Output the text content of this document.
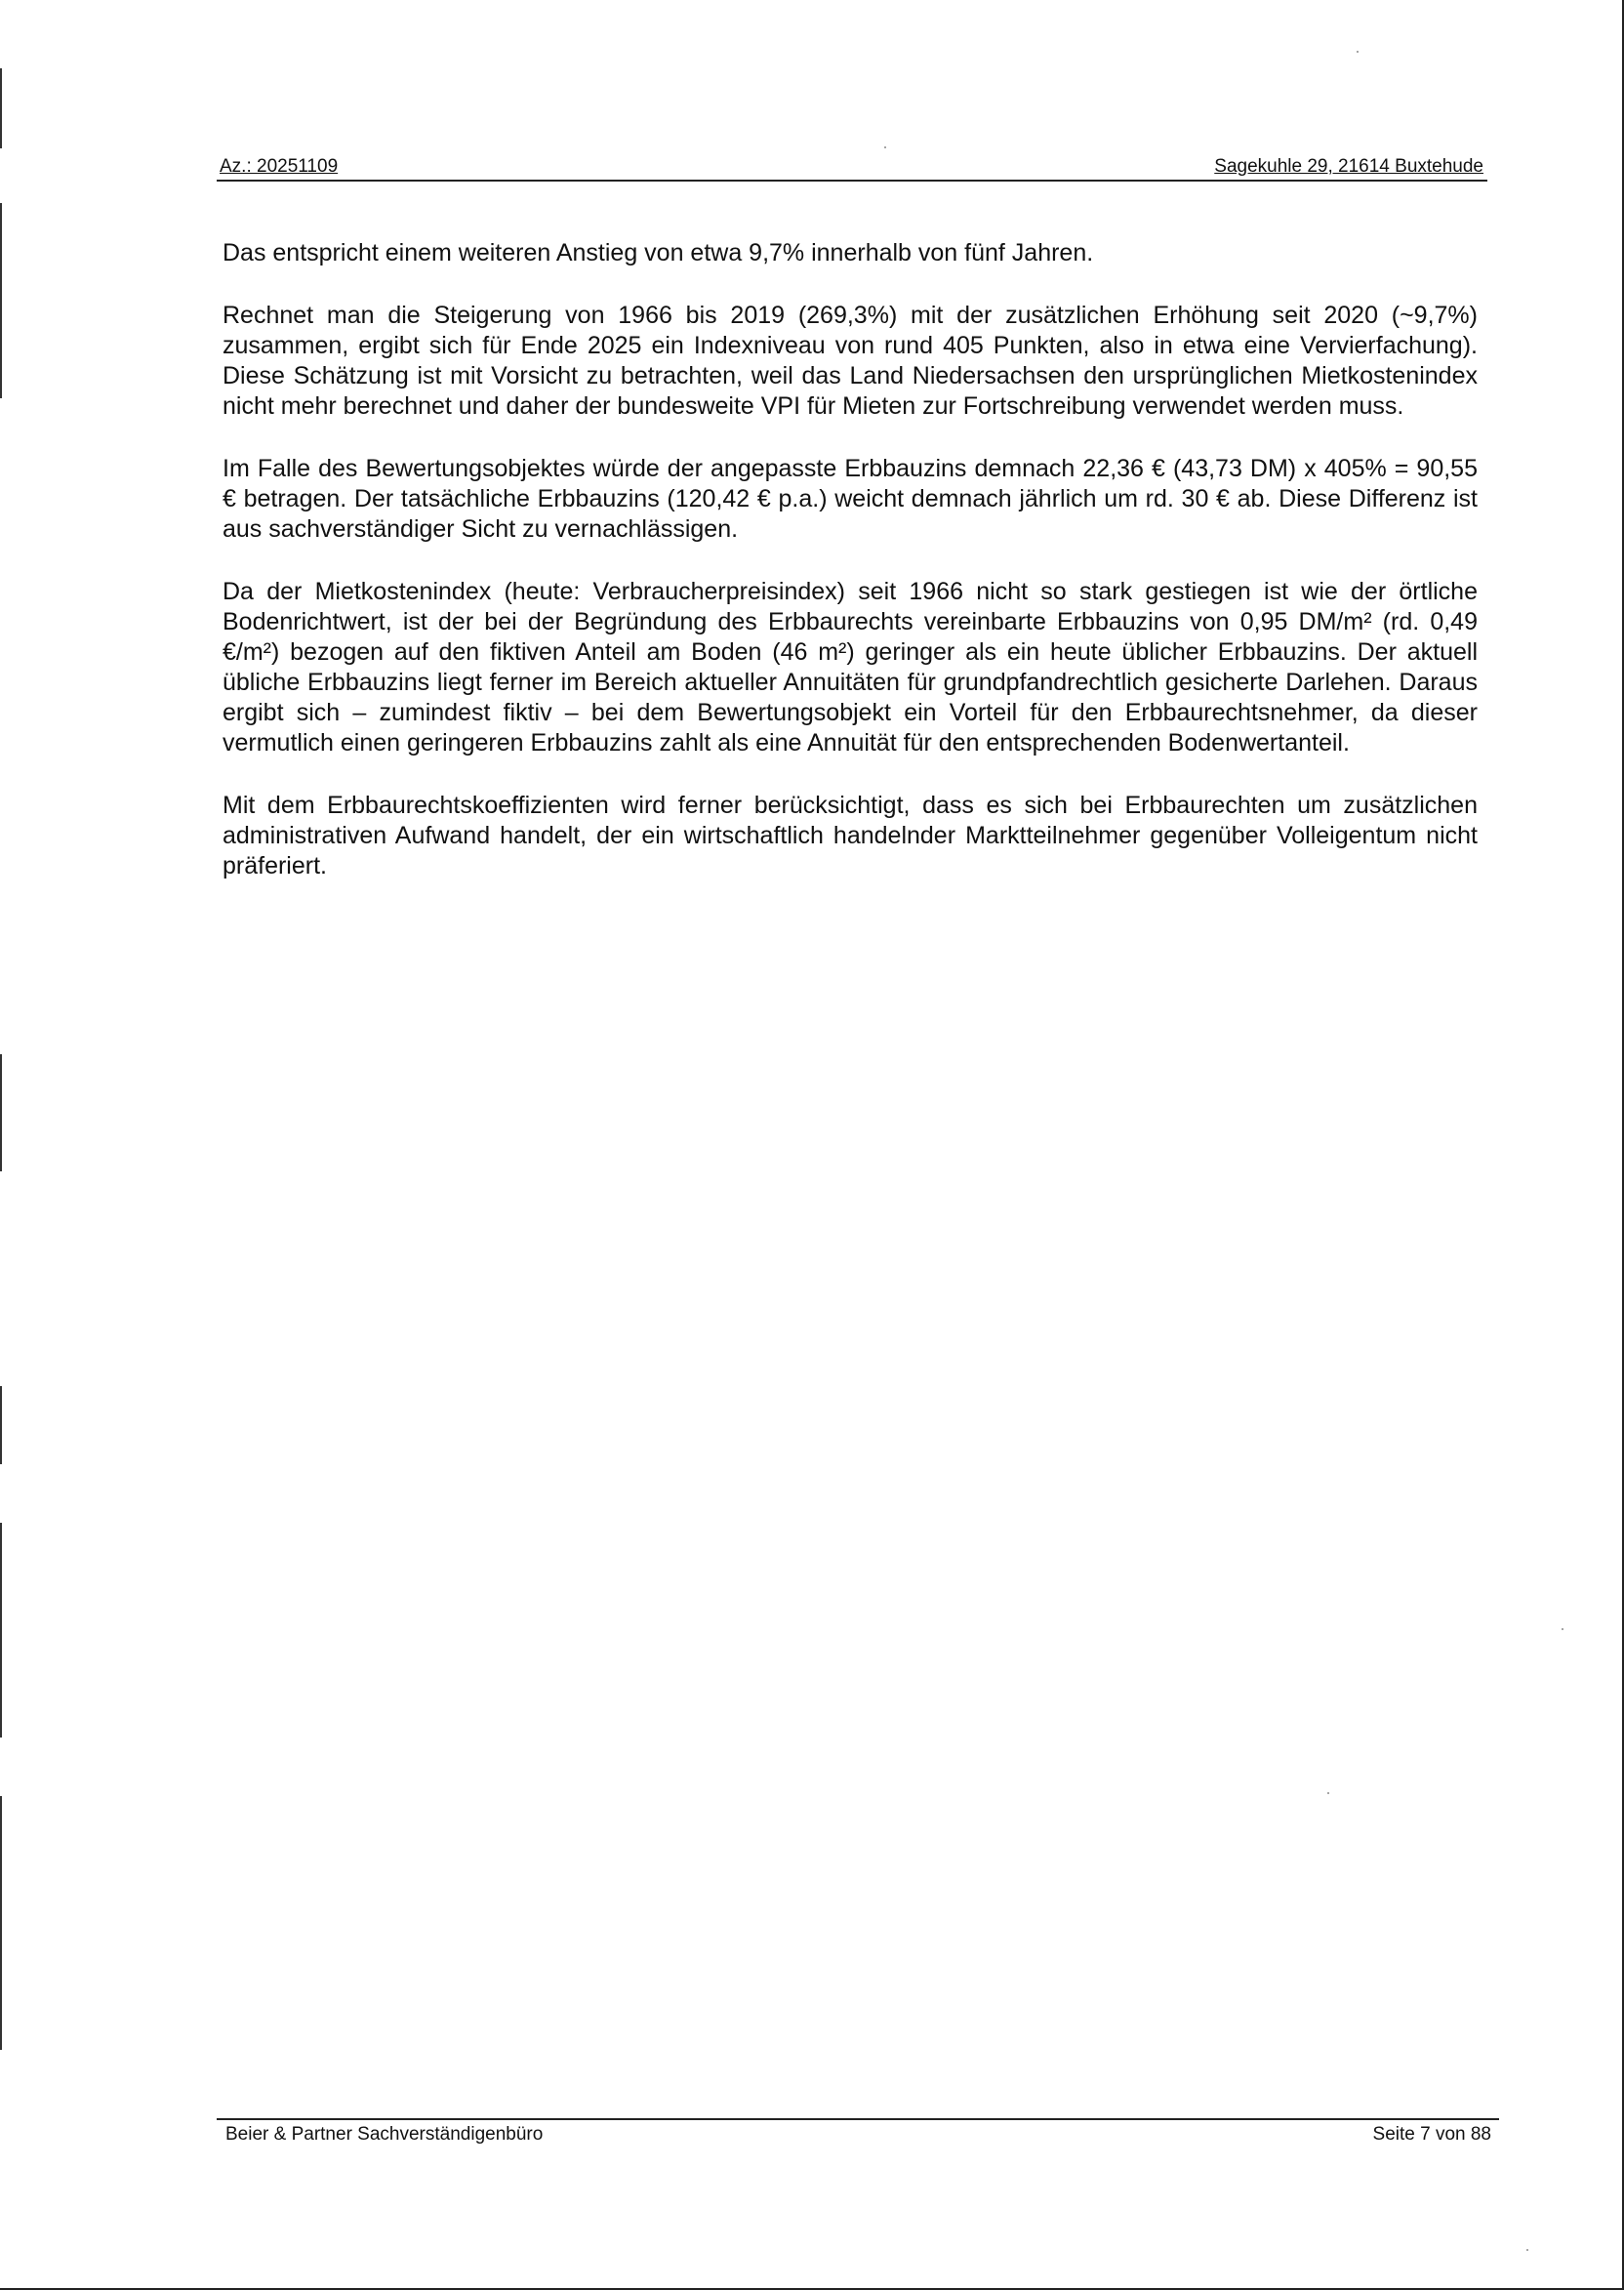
Az.: 20251109	Sagekuhle 29, 21614 Buxtehude

Das entspricht einem weiteren Anstieg von etwa 9,7% innerhalb von fünf Jahren.

Rechnet man die Steigerung von 1966 bis 2019 (269,3%) mit der zusätzlichen Erhöhung seit 2020 (~9,7%) zusammen, ergibt sich für Ende 2025 ein Indexniveau von rund 405 Punkten, also in etwa eine Vervierfachung). Diese Schätzung ist mit Vorsicht zu betrachten, weil das Land Niedersachsen den ursprünglichen Mietkostenindex nicht mehr berechnet und daher der bundesweite VPI für Mieten zur Fortschreibung verwendet werden muss.

Im Falle des Bewertungsobjektes würde der angepasste Erbbauzins demnach 22,36 € (43,73 DM) x 405% = 90,55 € betragen. Der tatsächliche Erbbauzins (120,42 € p.a.) weicht demnach jährlich um rd. 30 € ab. Diese Differenz ist aus sachverständiger Sicht zu vernachlässigen.

Da der Mietkostenindex (heute: Verbraucherpreisindex) seit 1966 nicht so stark gestiegen ist wie der örtliche Bodenrichtwert, ist der bei der Begründung des Erbbaurechts vereinbarte Erbbauzins von 0,95 DM/m² (rd. 0,49 €/m²) bezogen auf den fiktiven Anteil am Boden (46 m²) geringer als ein heute üblicher Erbbauzins. Der aktuell übliche Erbbauzins liegt ferner im Bereich aktueller Annuitäten für grundpfandrechtlich gesicherte Darlehen. Daraus ergibt sich – zumindest fiktiv – bei dem Bewertungsobjekt ein Vorteil für den Erbbaurechtsnehmer, da dieser vermutlich einen geringeren Erbbauzins zahlt als eine Annuität für den entsprechenden Bodenwertanteil.

Mit dem Erbbaurechtskoeffizienten wird ferner berücksichtigt, dass es sich bei Erbbaurechten um zusätzlichen administrativen Aufwand handelt, der ein wirtschaftlich handelnder Marktteilnehmer gegenüber Volleigentum nicht präferiert.

Beier & Partner Sachverständigenbüro	Seite 7 von 88
